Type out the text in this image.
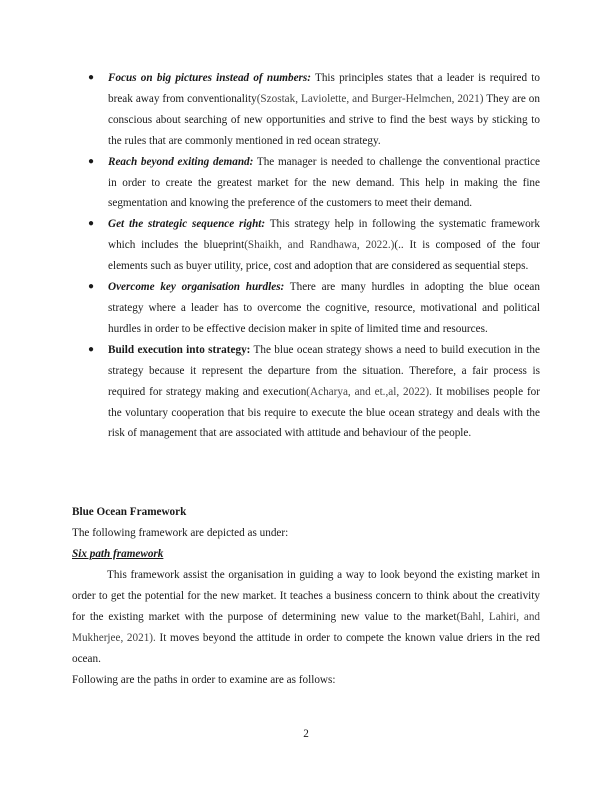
● Focus on big pictures instead of numbers: This principles states that a leader is required to break away from conventionality(Szostak, Laviolette, and Burger-Helmchen, 2021) They are on conscious about searching of new opportunities and strive to find the best ways by sticking to the rules that are commonly mentioned in red ocean strategy.
● Reach beyond exiting demand: The manager is needed to challenge the conventional practice in order to create the greatest market for the new demand. This help in making the fine segmentation and knowing the preference of the customers to meet their demand.
● Get the strategic sequence right: This strategy help in following the systematic framework which includes the blueprint(Shaikh, and Randhawa, 2022.)(.. It is composed of the four elements such as buyer utility, price, cost and adoption that are considered as sequential steps.
● Overcome key organisation hurdles: There are many hurdles in adopting the blue ocean strategy where a leader has to overcome the cognitive, resource, motivational and political hurdles in order to be effective decision maker in spite of limited time and resources.
● Build execution into strategy: The blue ocean strategy shows a need to build execution in the strategy because it represent the departure from the situation. Therefore, a fair process is required for strategy making and execution(Acharya, and et.,al, 2022). It mobilises people for the voluntary cooperation that bis require to execute the blue ocean strategy and deals with the risk of management that are associated with attitude and behaviour of the people.
Blue Ocean Framework
The following framework are depicted as under:
Six path framework
This framework assist the organisation in guiding a way to look beyond the existing market in order to get the potential for the new market. It teaches a business concern to think about the creativity for the existing market with the purpose of determining new value to the market(Bahl, Lahiri, and Mukherjee, 2021). It moves beyond the attitude in order to compete the known value driers in the red ocean.
Following are the paths in order to examine are as follows:
2
